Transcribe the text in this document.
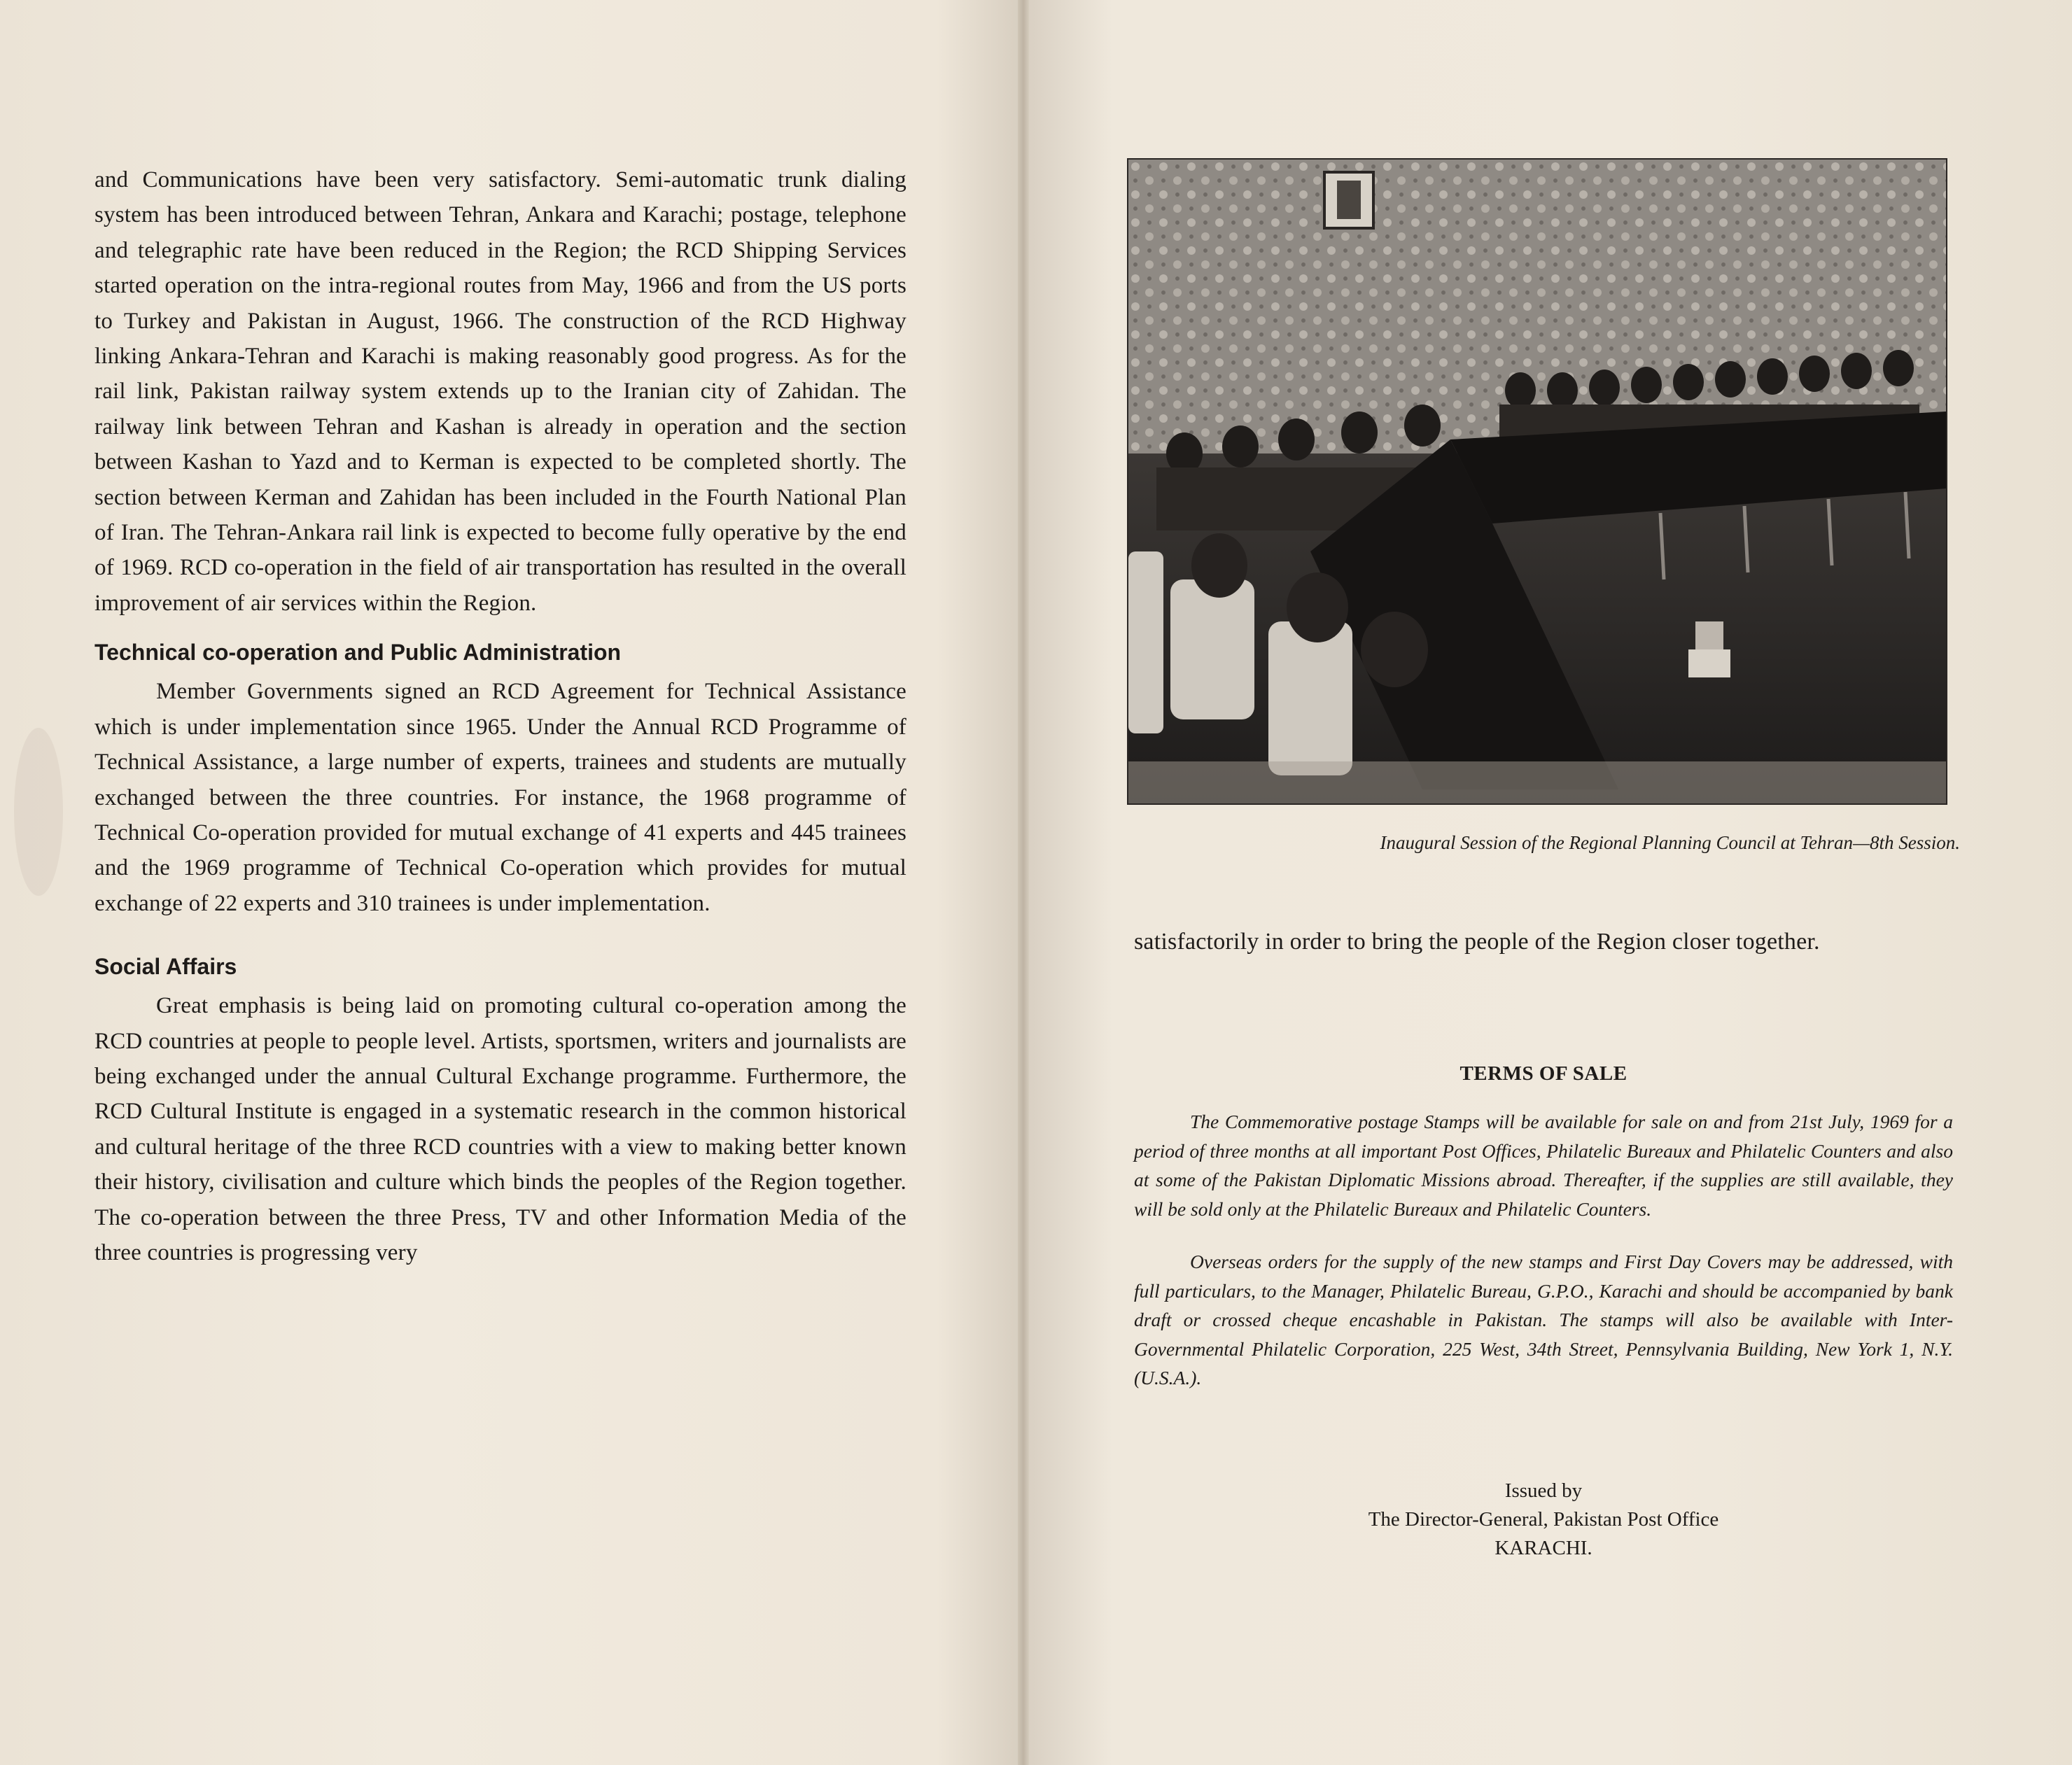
and Communications have been very satisfactory. Semi-automatic trunk dialing system has been introduced between Tehran, Ankara and Karachi; postage, telephone and telegraphic rate have been reduced in the Region; the RCD Shipping Services started operation on the intra-regional routes from May, 1966 and from the US ports to Turkey and Pakistan in August, 1966. The construction of the RCD Highway linking Ankara-Tehran and Karachi is making reasonably good progress. As for the rail link, Pakistan railway system extends up to the Iranian city of Zahidan. The railway link between Tehran and Kashan is already in operation and the section between Kashan to Yazd and to Kerman is expected to be completed shortly. The section between Kerman and Zahidan has been included in the Fourth National Plan of Iran. The Tehran-Ankara rail link is expected to become fully operative by the end of 1969. RCD co-operation in the field of air transportation has resulted in the overall improvement of air services within the Region.

Technical co-operation and Public Administration

Member Governments signed an RCD Agreement for Technical Assistance which is under implementation since 1965. Under the Annual RCD Programme of Technical Assistance, a large number of experts, trainees and students are mutually exchanged between the three countries. For instance, the 1968 programme of Technical Co-operation provided for mutual exchange of 41 experts and 445 trainees and the 1969 programme of Technical Co-operation which provides for mutual exchange of 22 experts and 310 trainees is under implementation.

Social Affairs

Great emphasis is being laid on promoting cultural co-operation among the RCD countries at people to people level. Artists, sportsmen, writers and journalists are being exchanged under the annual Cultural Exchange programme. Furthermore, the RCD Cultural Institute is engaged in a systematic research in the common historical and cultural heritage of the three RCD countries with a view to making better known their history, civilisation and culture which binds the peoples of the Region together. The co-operation between the three Press, TV and other Information Media of the three countries is progressing very

Inaugural Session of the Regional Planning Council at Tehran—8th Session.

satisfactorily in order to bring the people of the Region closer together.

TERMS OF SALE

The Commemorative postage Stamps will be available for sale on and from 21st July, 1969 for a period of three months at all important Post Offices, Philatelic Bureaux and Philatelic Counters and also at some of the Pakistan Diplomatic Missions abroad. Thereafter, if the supplies are still available, they will be sold only at the Philatelic Bureaux and Philatelic Counters.

Overseas orders for the supply of the new stamps and First Day Covers may be addressed, with full particulars, to the Manager, Philatelic Bureau, G.P.O., Karachi and should be accompanied by bank draft or crossed cheque encashable in Pakistan. The stamps will also be available with Inter-Governmental Philatelic Corporation, 225 West, 34th Street, Pennsylvania Building, New York 1, N.Y. (U.S.A.).

Issued by
The Director-General, Pakistan Post Office
KARACHI.
